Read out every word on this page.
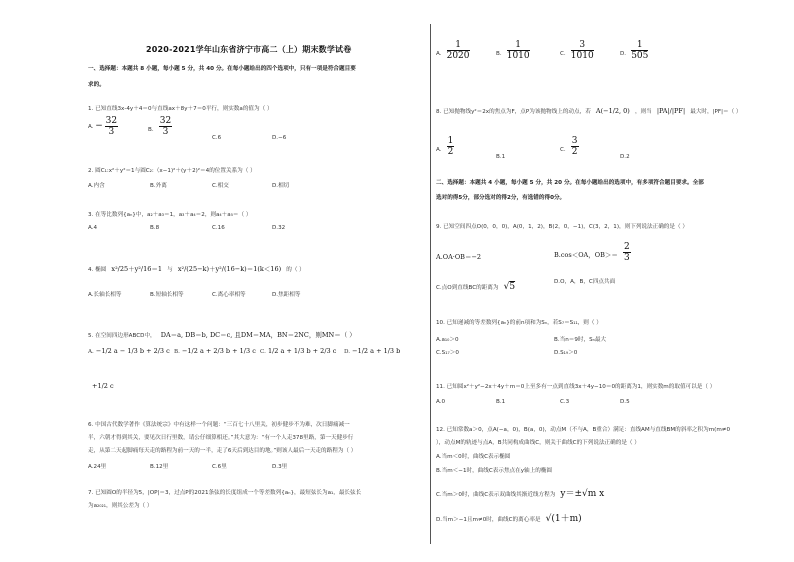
2020-2021学年山东省济宁市高二（上）期末数学试卷
一、选择题：本题共 8 小题，每小题 5 分，共 40 分。在每小题给出的四个选项中，只有一项是符合题目要
求的。
1. 已知直线3x-4y＋4＝0与直线ax＋8y＋7＝0平行，则实数a的值为（ ）
A. − $\frac{32}{3}$	B. $\frac{32}{3}$
C.6	D.−6
2. 圆C₁:x²＋y²＝1与圆C₂:（x−1)²＋(y＋2)²＝4的位置关系为（ ）
A.内含	B.外离	C.相交	D.相切
3. 在等比数列{aₙ}中，a₂＋a₃＝1，a₃＋a₄＝2，则a₄＋a₅＝（ ）
A.4	B.8	C.16	D.32
4. 椭圆 x²/25＋y²/16＝1 与 x²/(25−k)＋y²/(16−k)＝1(k＜16) 的（ ）
A.长轴长相等	B.短轴长相等	C.离心率相等	D.焦距相等
5. 在空间四边形ABCD中， DA＝a, DB＝b, DC＝c, 且DM＝MA，BN＝2NC，则MN＝（ ）
A. −1/2 a − 1/3 b + 2/3 c B. −1/2 a + 2/3 b + 1/3 c C. 1/2 a + 1/3 b + 2/3 c D. −1/2 a + 1/3 b
+1/2 c
6. 中国古代数学著作《算法统宗》中有这样一个问题：“三百七十八里关，初步健步不为难，次日脚痛减一
半，六朝才得到其关，要见次日行里数，请公仔细算相还。”其大意为：“有一个人走378里路，第一天健步行
走，从第二天起脚痛每天走的路程为前一天的一半，走了6天后到达目的地。”则该人最后一天走的路程为（ ）
A.24里	B.12里	C.6里	D.3里
7. 已知圆O的半径为5，|OP|＝3，过点P的2021条弦的长度组成一个等差数列{aₙ}，最短弦长为a₁，最长弦长
为a₂₀₂₁，则其公差为（ ）
A. $\frac{1}{2020}$	B. $\frac{1}{1010}$	C. $\frac{3}{1010}$	D. $\frac{1}{505}$
8. 已知抛物线y²＝2x的焦点为F，点P为该抛物线上的动点，若 A(−1/2, 0) ，则当 |PA|/|PF| 最大时，|PF|＝（ ）
A. $\frac{1}{2}$	B.1
C. $\frac{3}{2}$	D.2
二、选择题：本题共 4 小题，每小题 5 分，共 20 分。在每小题给出的选项中，有多项符合题目要求。全部
选对的得5分，部分选对的得2分，有选错的得0分。
9. 已知空间四点O(0，0，0)，A(0，1，2)，B(2，0，−1)，C(3，2，1)，则下列说法正确的是（ ）
A.OA·OB＝−2	B.cos＜OA，$OB>= \frac{2}{3}$
C.点O到直线BC的距离为 √5	D.O，A，B，C四点共面
10. 已知递减的等差数列{aₙ}的前n项和为Sₙ，若S₇＝S₁₁，则（ ）
A.a₁₀＞0	B.当n＝9时，Sₙ最大
C.S₁₇＞0	D.S₁₉＞0
11. 已知圆x²＋y²−2x＋4y＋m＝0上至多有一点到直线3x＋4y−10＝0的距离为1，则实数m的取值可以是（ ）
A.0	B.1	C.3	D.5
12. 已知常数a＞0，点A(−a，0)，B(a，0)，动点M（不与A，B重合）满足：直线AM与直线BM的斜率之积为m(m≠0
），动点M的轨迹与点A，B共同构成曲线C，则关于曲线C的下列说法正确的是（ ）
A.当m＜0时，曲线C表示椭圆
B.当m＜−1时，曲线C表示焦点在y轴上的椭圆
C.当m＞0时，曲线C表示双曲线其渐近线方程为 y＝±√m x
D.当m＞−1且m≠0时，曲线C的离心率是 √(1＋m)
